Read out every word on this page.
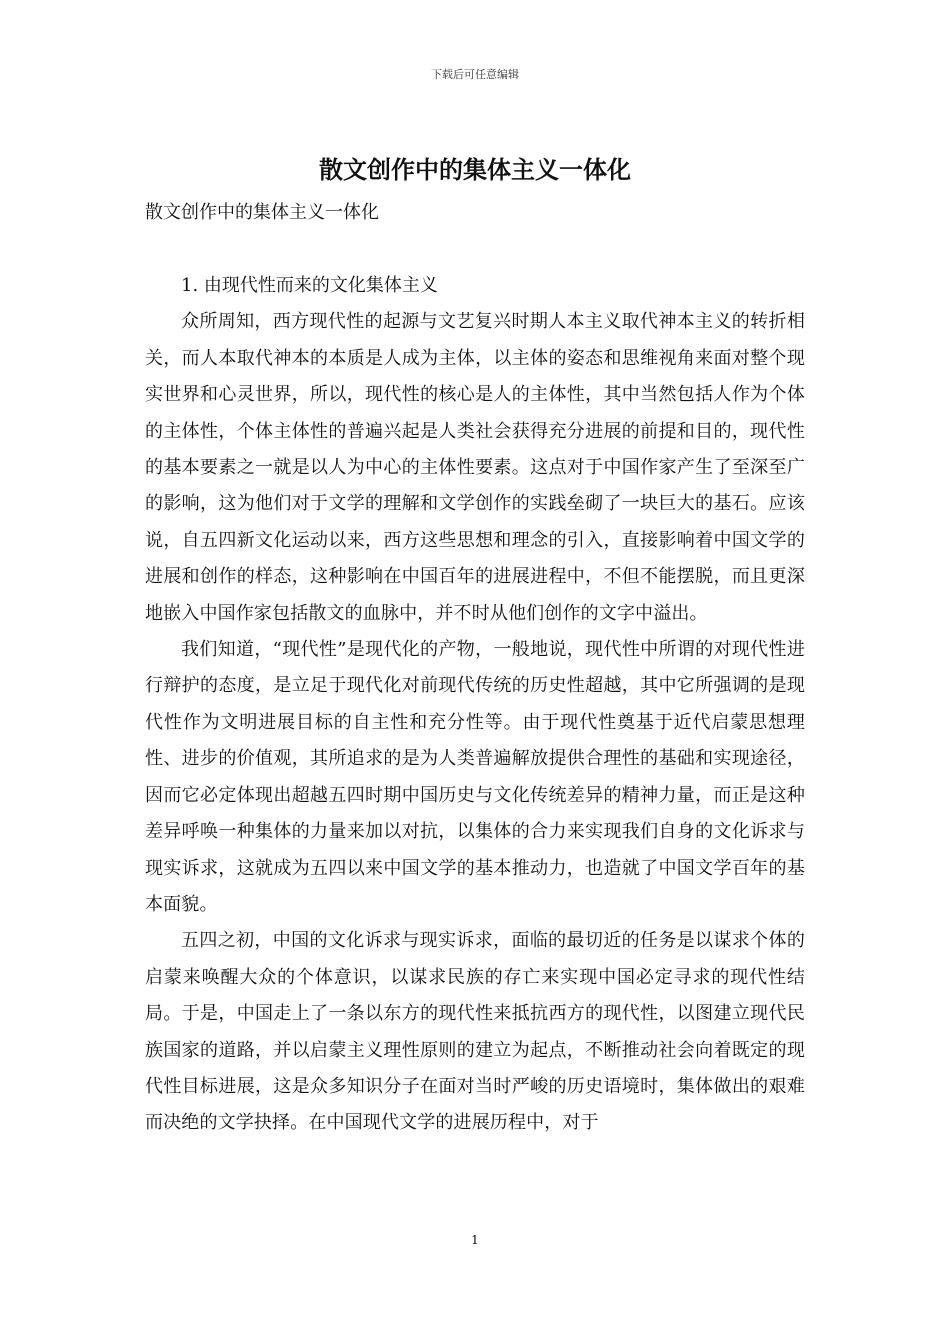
下载后可任意编辑
散文创作中的集体主义一体化
散文创作中的集体主义一体化
1. 由现代性而来的文化集体主义

众所周知，西方现代性的起源与文艺复兴时期人本主义取代神本主义的转折相关，而人本取代神本的本质是人成为主体，以主体的姿态和思维视角来面对整个现实世界和心灵世界，所以，现代性的核心是人的主体性，其中当然包括人作为个体的主体性，个体主体性的普遍兴起是人类社会获得充分进展的前提和目的，现代性的基本要素之一就是以人为中心的主体性要素。这点对于中国作家产生了至深至广的影响，这为他们对于文学的理解和文学创作的实践垒砌了一块巨大的基石。应该说，自五四新文化运动以来，西方这些思想和理念的引入，直接影响着中国文学的进展和创作的样态，这种影响在中国百年的进展进程中，不但不能摆脱，而且更深地嵌入中国作家包括散文的血脉中，并不时从他们创作的文字中溢出。

我们知道，“现代性”是现代化的产物，一般地说，现代性中所谓的对现代性进行辩护的态度，是立足于现代化对前现代传统的历史性超越，其中它所强调的是现代性作为文明进展目标的自主性和充分性等。由于现代性奠基于近代启蒙思想理性、进步的价值观，其所追求的是为人类普遍解放提供合理性的基础和实现途径，因而它必定体现出超越五四时期中国历史与文化传统差异的精神力量，而正是这种差异呼唤一种集体的力量来加以对抗，以集体的合力来实现我们自身的文化诉求与现实诉求，这就成为五四以来中国文学的基本推动力，也造就了中国文学百年的基本面貌。

五四之初，中国的文化诉求与现实诉求，面临的最切近的任务是以谋求个体的启蒙来唤醒大众的个体意识，以谋求民族的存亡来实现中国必定寻求的现代性结局。于是，中国走上了一条以东方的现代性来抵抗西方的现代性，以图建立现代民族国家的道路，并以启蒙主义理性原则的建立为起点，不断推动社会向着既定的现代性目标进展，这是众多知识分子在面对当时严峻的历史语境时，集体做出的艰难而决绝的文学抉择。在中国现代文学的进展历程中，对于

1
